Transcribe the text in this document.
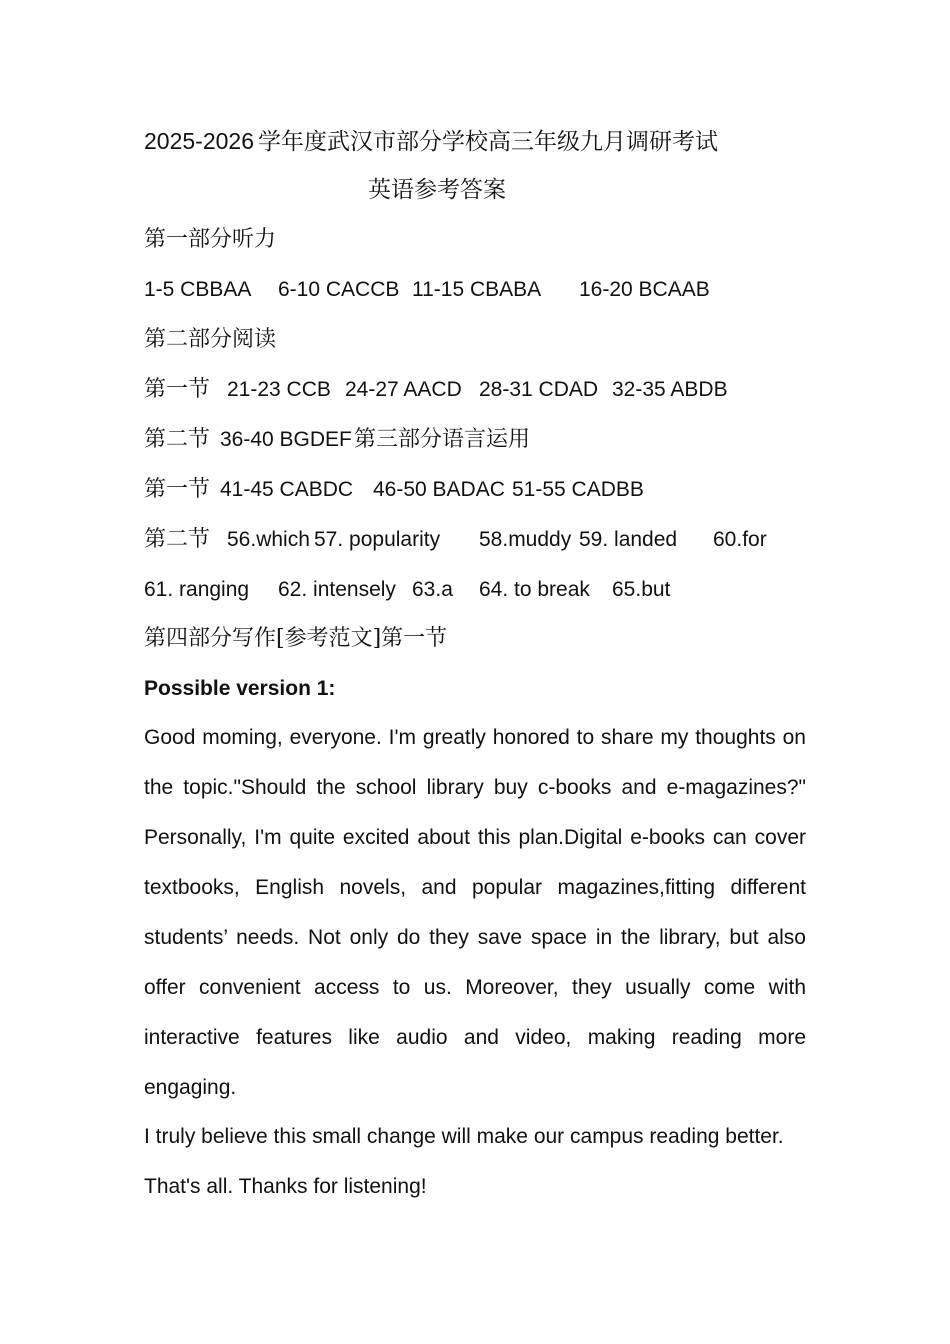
2025-2026 学年度武汉市部分学校高三年级九月调研考试
英语参考答案
第一部分听力
1-5 CBBAA 6-10 CACCB 11-15 CBABA 16-20 BCAAB
第二部分阅读
第一节 21-23 CCB 24-27 AACD 28-31 CDAD 32-35 ABDB
第二节 36-40 BGDEF 第三部分语言运用
第一节 41-45 CABDC 46-50 BADAC 51-55 CADBB
第二节 56.which 57. popularity 58.muddy 59. landed 60.for
61. ranging 62. intensely 63.a 64. to break 65.but
第四部分写作[参考范文]第一节
Possible version 1:
Good moming, everyone. I'm greatly honored to share my thoughts on the topic."Should the school library buy c-books and e-magazines?" Personally, I'm quite excited about this plan.Digital e-books can cover textbooks, English novels, and popular magazines,fitting different students’ needs. Not only do they save space in the library, but also offer convenient access to us. Moreover, they usually come with interactive features like audio and video, making reading more engaging.
I truly believe this small change will make our campus reading better.
That's all. Thanks for listening!
